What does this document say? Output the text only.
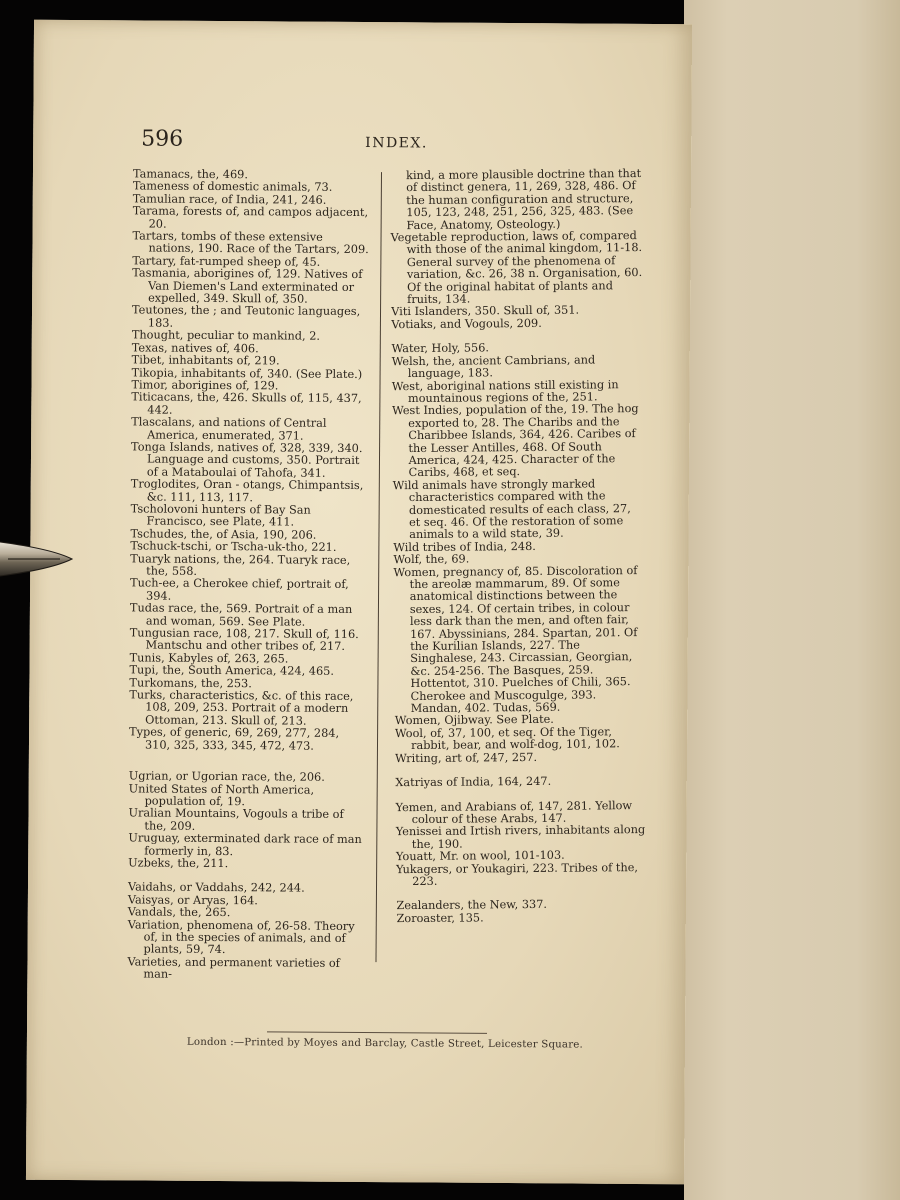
596	INDEX.
Tamanacs, the, 469.
Tameness of domestic animals, 73.
Tamulian race, of India, 241, 246.
Tarama, forests of, and campos adjacent, 20.
Tartars, tombs of these extensive nations, 190. Race of the Tartars, 209.
Tartary, fat-rumped sheep of, 45.
Tasmania, aborigines of, 129. Natives of Van Diemen's Land exterminated or expelled, 349. Skull of, 350.
Teutones, the ; and Teutonic languages, 183.
Thought, peculiar to mankind, 2.
Texas, natives of, 406.
Tibet, inhabitants of, 219.
Tikopia, inhabitants of, 340. (See Plate.)
Timor, aborigines of, 129.
Titicacans, the, 426. Skulls of, 115, 437, 442.
Tlascalans, and nations of Central America, enumerated, 371.
Tonga Islands, natives of, 328, 339, 340. Language and customs, 350. Portrait of a Mataboulai of Tahofa, 341.
Troglodites, Oran - otangs, Chimpantsis, &c. 111, 113, 117.
Tscholovoni hunters of Bay San Francisco, see Plate, 411.
Tschudes, the, of Asia, 190, 206.
Tschuck-tschi, or Tscha-uk-tho, 221.
Tuaryk nations, the, 264. Tuaryk race, the, 558.
Tuch-ee, a Cherokee chief, portrait of, 394.
Tudas race, the, 569. Portrait of a man and woman, 569. See Plate.
Tungusian race, 108, 217. Skull of, 116. Mantschu and other tribes of, 217.
Tunis, Kabyles of, 263, 265.
Tupi, the, South America, 424, 465.
Turkomans, the, 253.
Turks, characteristics, &c. of this race, 108, 209, 253. Portrait of a modern Ottoman, 213. Skull of, 213.
Types, of generic, 69, 269, 277, 284, 310, 325, 333, 345, 472, 473.
Ugrian, or Ugorian race, the, 206.
United States of North America, population of, 19.
Uralian Mountains, Vogouls a tribe of the, 209.
Uruguay, exterminated dark race of man formerly in, 83.
Uzbeks, the, 211.
Vaidahs, or Vaddahs, 242, 244.
Vaisyas, or Aryas, 164.
Vandals, the, 265.
Variation, phenomena of, 26-58. Theory of, in the species of animals, and of plants, 59, 74.
Varieties, and permanent varieties of man-
kind, a more plausible doctrine than that of distinct genera, 11, 269, 328, 486. Of the human configuration and structure, 105, 123, 248, 251, 256, 325, 483. (See Face, Anatomy, Osteology.)
Vegetable reproduction, laws of, compared with those of the animal kingdom, 11-18. General survey of the phenomena of variation, &c. 26, 38 n. Organisation, 60. Of the original habitat of plants and fruits, 134.
Viti Islanders, 350. Skull of, 351.
Votiaks, and Vogouls, 209.
Water, Holy, 556.
Welsh, the, ancient Cambrians, and language, 183.
West, aboriginal nations still existing in mountainous regions of the, 251.
West Indies, population of the, 19. The hog exported to, 28. The Charibs and the Charibbee Islands, 364, 426. Caribes of the Lesser Antilles, 468. Of South America, 424, 425. Character of the Caribs, 468, et seq.
Wild animals have strongly marked characteristics compared with the domesticated results of each class, 27, et seq. 46. Of the restoration of some animals to a wild state, 39.
Wild tribes of India, 248.
Wolf, the, 69.
Women, pregnancy of, 85. Discoloration of the areolæ mammarum, 89. Of some anatomical distinctions between the sexes, 124. Of certain tribes, in colour less dark than the men, and often fair, 167. Abyssinians, 284. Spartan, 201. Of the Kurilian Islands, 227. The Singhalese, 243. Circassian, Georgian, &c. 254-256. The Basques, 259. Hottentot, 310. Puelches of Chili, 365. Cherokee and Muscogulge, 393. Mandan, 402. Tudas, 569.
Women, Ojibway. See Plate.
Wool, of, 37, 100, et seq. Of the Tiger, rabbit, bear, and wolf-dog, 101, 102.
Writing, art of, 247, 257.
Xatriyas of India, 164, 247.
Yemen, and Arabians of, 147, 281. Yellow colour of these Arabs, 147.
Yenissei and Irtish rivers, inhabitants along the, 190.
Youatt, Mr. on wool, 101-103.
Yukagers, or Youkagiri, 223. Tribes of the, 223.
Zealanders, the New, 337.
Zoroaster, 135.
London :—Printed by Moyes and Barclay, Castle Street, Leicester Square.
